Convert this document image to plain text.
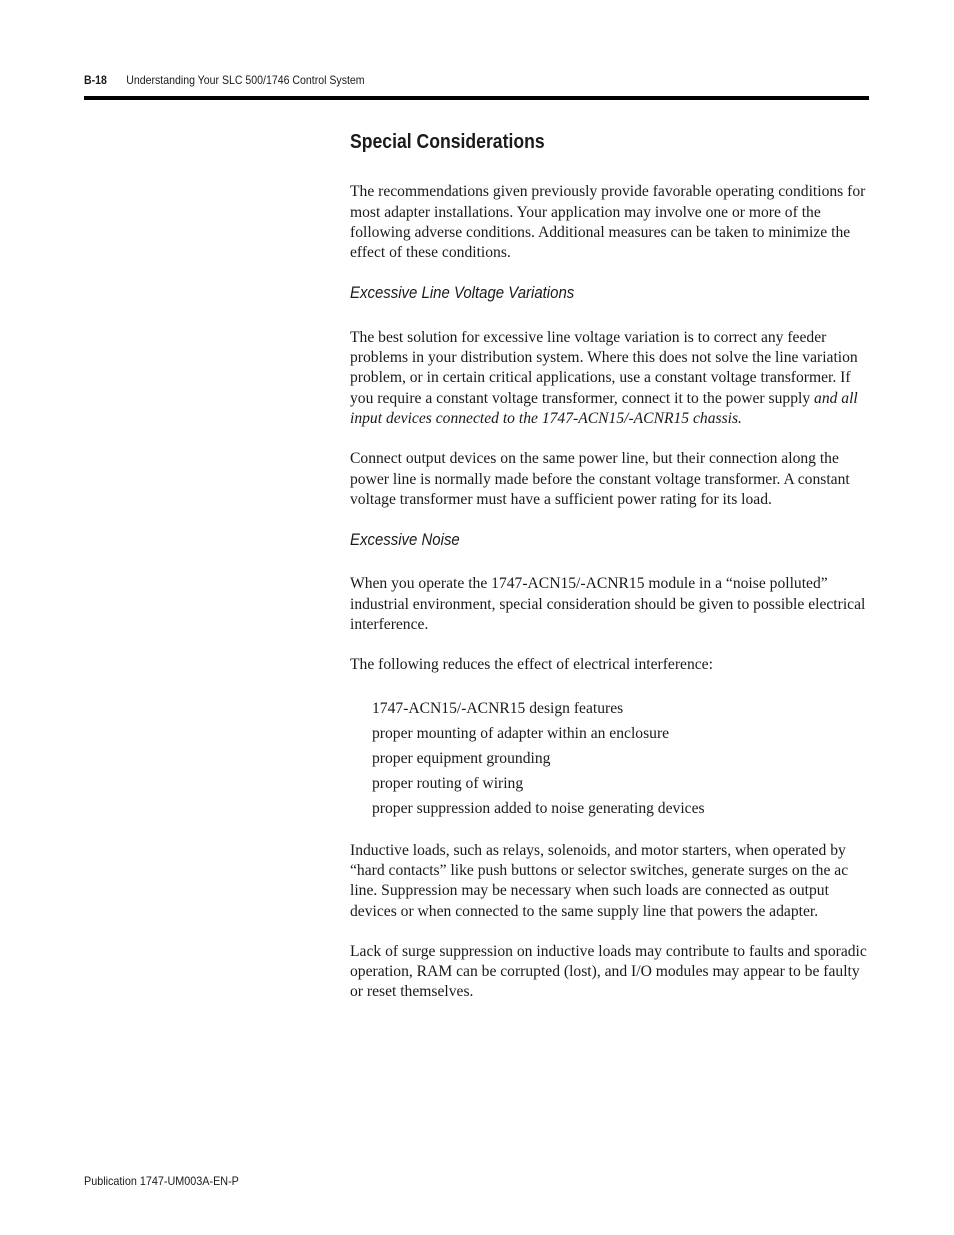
B-18 Understanding Your SLC 500/1746 Control System
Special Considerations

The recommendations given previously provide favorable operating conditions for most adapter installations. Your application may involve one or more of the following adverse conditions. Additional measures can be taken to minimize the effect of these conditions.

Excessive Line Voltage Variations

The best solution for excessive line voltage variation is to correct any feeder problems in your distribution system. Where this does not solve the line variation problem, or in certain critical applications, use a constant voltage transformer. If you require a constant voltage transformer, connect it to the power supply and all input devices connected to the 1747-ACN15/-ACNR15 chassis.

Connect output devices on the same power line, but their connection along the power line is normally made before the constant voltage transformer. A constant voltage transformer must have a sufficient power rating for its load.

Excessive Noise

When you operate the 1747-ACN15/-ACNR15 module in a “noise polluted” industrial environment, special consideration should be given to possible electrical interference.

The following reduces the effect of electrical interference:

1747-ACN15/-ACNR15 design features
proper mounting of adapter within an enclosure
proper equipment grounding
proper routing of wiring
proper suppression added to noise generating devices

Inductive loads, such as relays, solenoids, and motor starters, when operated by “hard contacts” like push buttons or selector switches, generate surges on the ac line. Suppression may be necessary when such loads are connected as output devices or when connected to the same supply line that powers the adapter.

Lack of surge suppression on inductive loads may contribute to faults and sporadic operation, RAM can be corrupted (lost), and I/O modules may appear to be faulty or reset themselves.

Publication 1747-UM003A-EN-P
